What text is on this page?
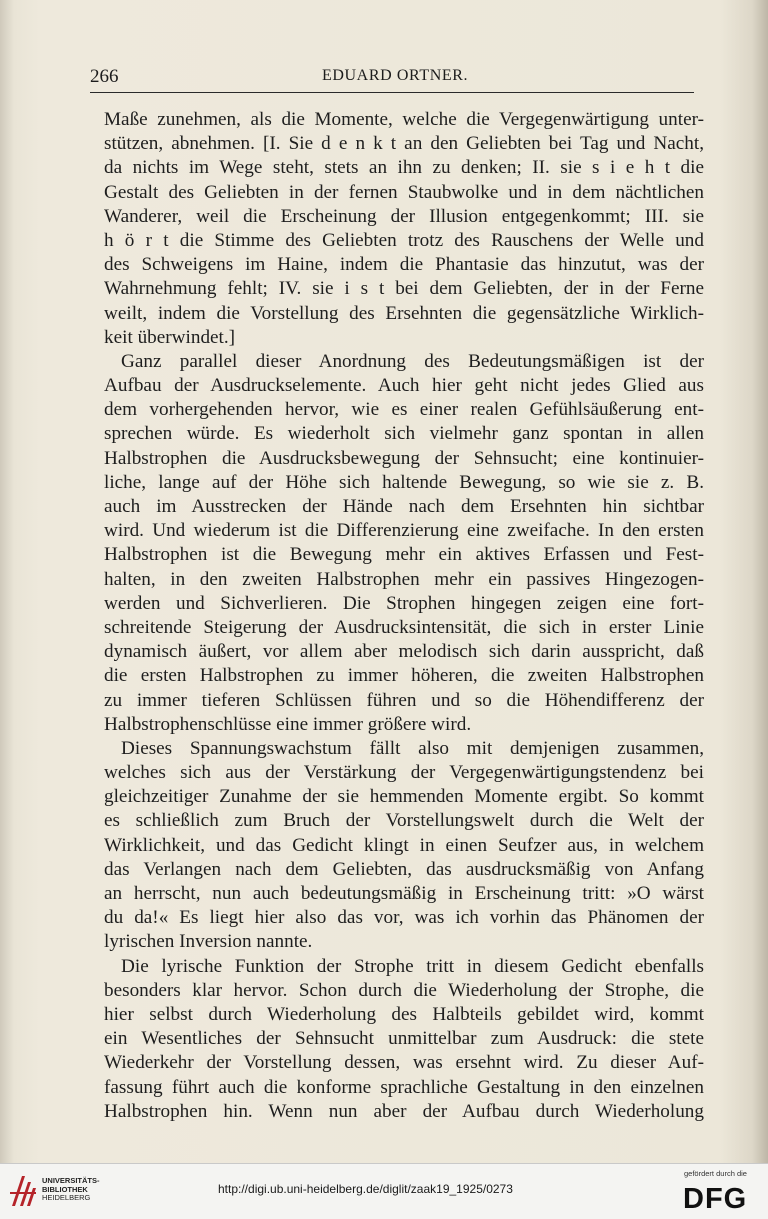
266	EDUARD ORTNER.
Maße zunehmen, als die Momente, welche die Vergegenwärtigung unter-
stützen, abnehmen. [I. Sie d e n k t an den Geliebten bei Tag und Nacht,
da nichts im Wege steht, stets an ihn zu denken; II. sie s i e h t die
Gestalt des Geliebten in der fernen Staubwolke und in dem nächtlichen
Wanderer, weil die Erscheinung der Illusion entgegenkommt; III. sie
h ö r t die Stimme des Geliebten trotz des Rauschens der Welle und
des Schweigens im Haine, indem die Phantasie das hinzutut, was der
Wahrnehmung fehlt; IV. sie i s t bei dem Geliebten, der in der Ferne
weilt, indem die Vorstellung des Ersehnten die gegensätzliche Wirklich-
keit überwindet.]
Ganz parallel dieser Anordnung des Bedeutungsmäßigen ist der
Aufbau der Ausdruckselemente. Auch hier geht nicht jedes Glied aus
dem vorhergehenden hervor, wie es einer realen Gefühlsäußerung ent-
sprechen würde. Es wiederholt sich vielmehr ganz spontan in allen
Halbstrophen die Ausdrucksbewegung der Sehnsucht; eine kontinuier-
liche, lange auf der Höhe sich haltende Bewegung, so wie sie z. B.
auch im Ausstrecken der Hände nach dem Ersehnten hin sichtbar
wird. Und wiederum ist die Differenzierung eine zweifache. In den ersten
Halbstrophen ist die Bewegung mehr ein aktives Erfassen und Fest-
halten, in den zweiten Halbstrophen mehr ein passives Hingezogen-
werden und Sichverlieren. Die Strophen hingegen zeigen eine fort-
schreitende Steigerung der Ausdrucksintensität, die sich in erster Linie
dynamisch äußert, vor allem aber melodisch sich darin ausspricht, daß
die ersten Halbstrophen zu immer höheren, die zweiten Halbstrophen
zu immer tieferen Schlüssen führen und so die Höhendifferenz der
Halbstrophenschlüsse eine immer größere wird.
Dieses Spannungswachstum fällt also mit demjenigen zusammen,
welches sich aus der Verstärkung der Vergegenwärtigungstendenz bei
gleichzeitiger Zunahme der sie hemmenden Momente ergibt. So kommt
es schließlich zum Bruch der Vorstellungswelt durch die Welt der
Wirklichkeit, und das Gedicht klingt in einen Seufzer aus, in welchem
das Verlangen nach dem Geliebten, das ausdrucksmäßig von Anfang
an herrscht, nun auch bedeutungsmäßig in Erscheinung tritt: »O wärst
du da!« Es liegt hier also das vor, was ich vorhin das Phänomen der
lyrischen Inversion nannte.
Die lyrische Funktion der Strophe tritt in diesem Gedicht ebenfalls
besonders klar hervor. Schon durch die Wiederholung der Strophe, die
hier selbst durch Wiederholung des Halbteils gebildet wird, kommt
ein Wesentliches der Sehnsucht unmittelbar zum Ausdruck: die stete
Wiederkehr der Vorstellung dessen, was ersehnt wird. Zu dieser Auf-
fassung führt auch die konforme sprachliche Gestaltung in den einzelnen
Halbstrophen hin. Wenn nun aber der Aufbau durch Wiederholung
UNIVERSITÄTS-
BIBLIOTHEK
HEIDELBERG
http://digi.ub.uni-heidelberg.de/diglit/zaak19_1925/0273
gefördert durch die
DFG
